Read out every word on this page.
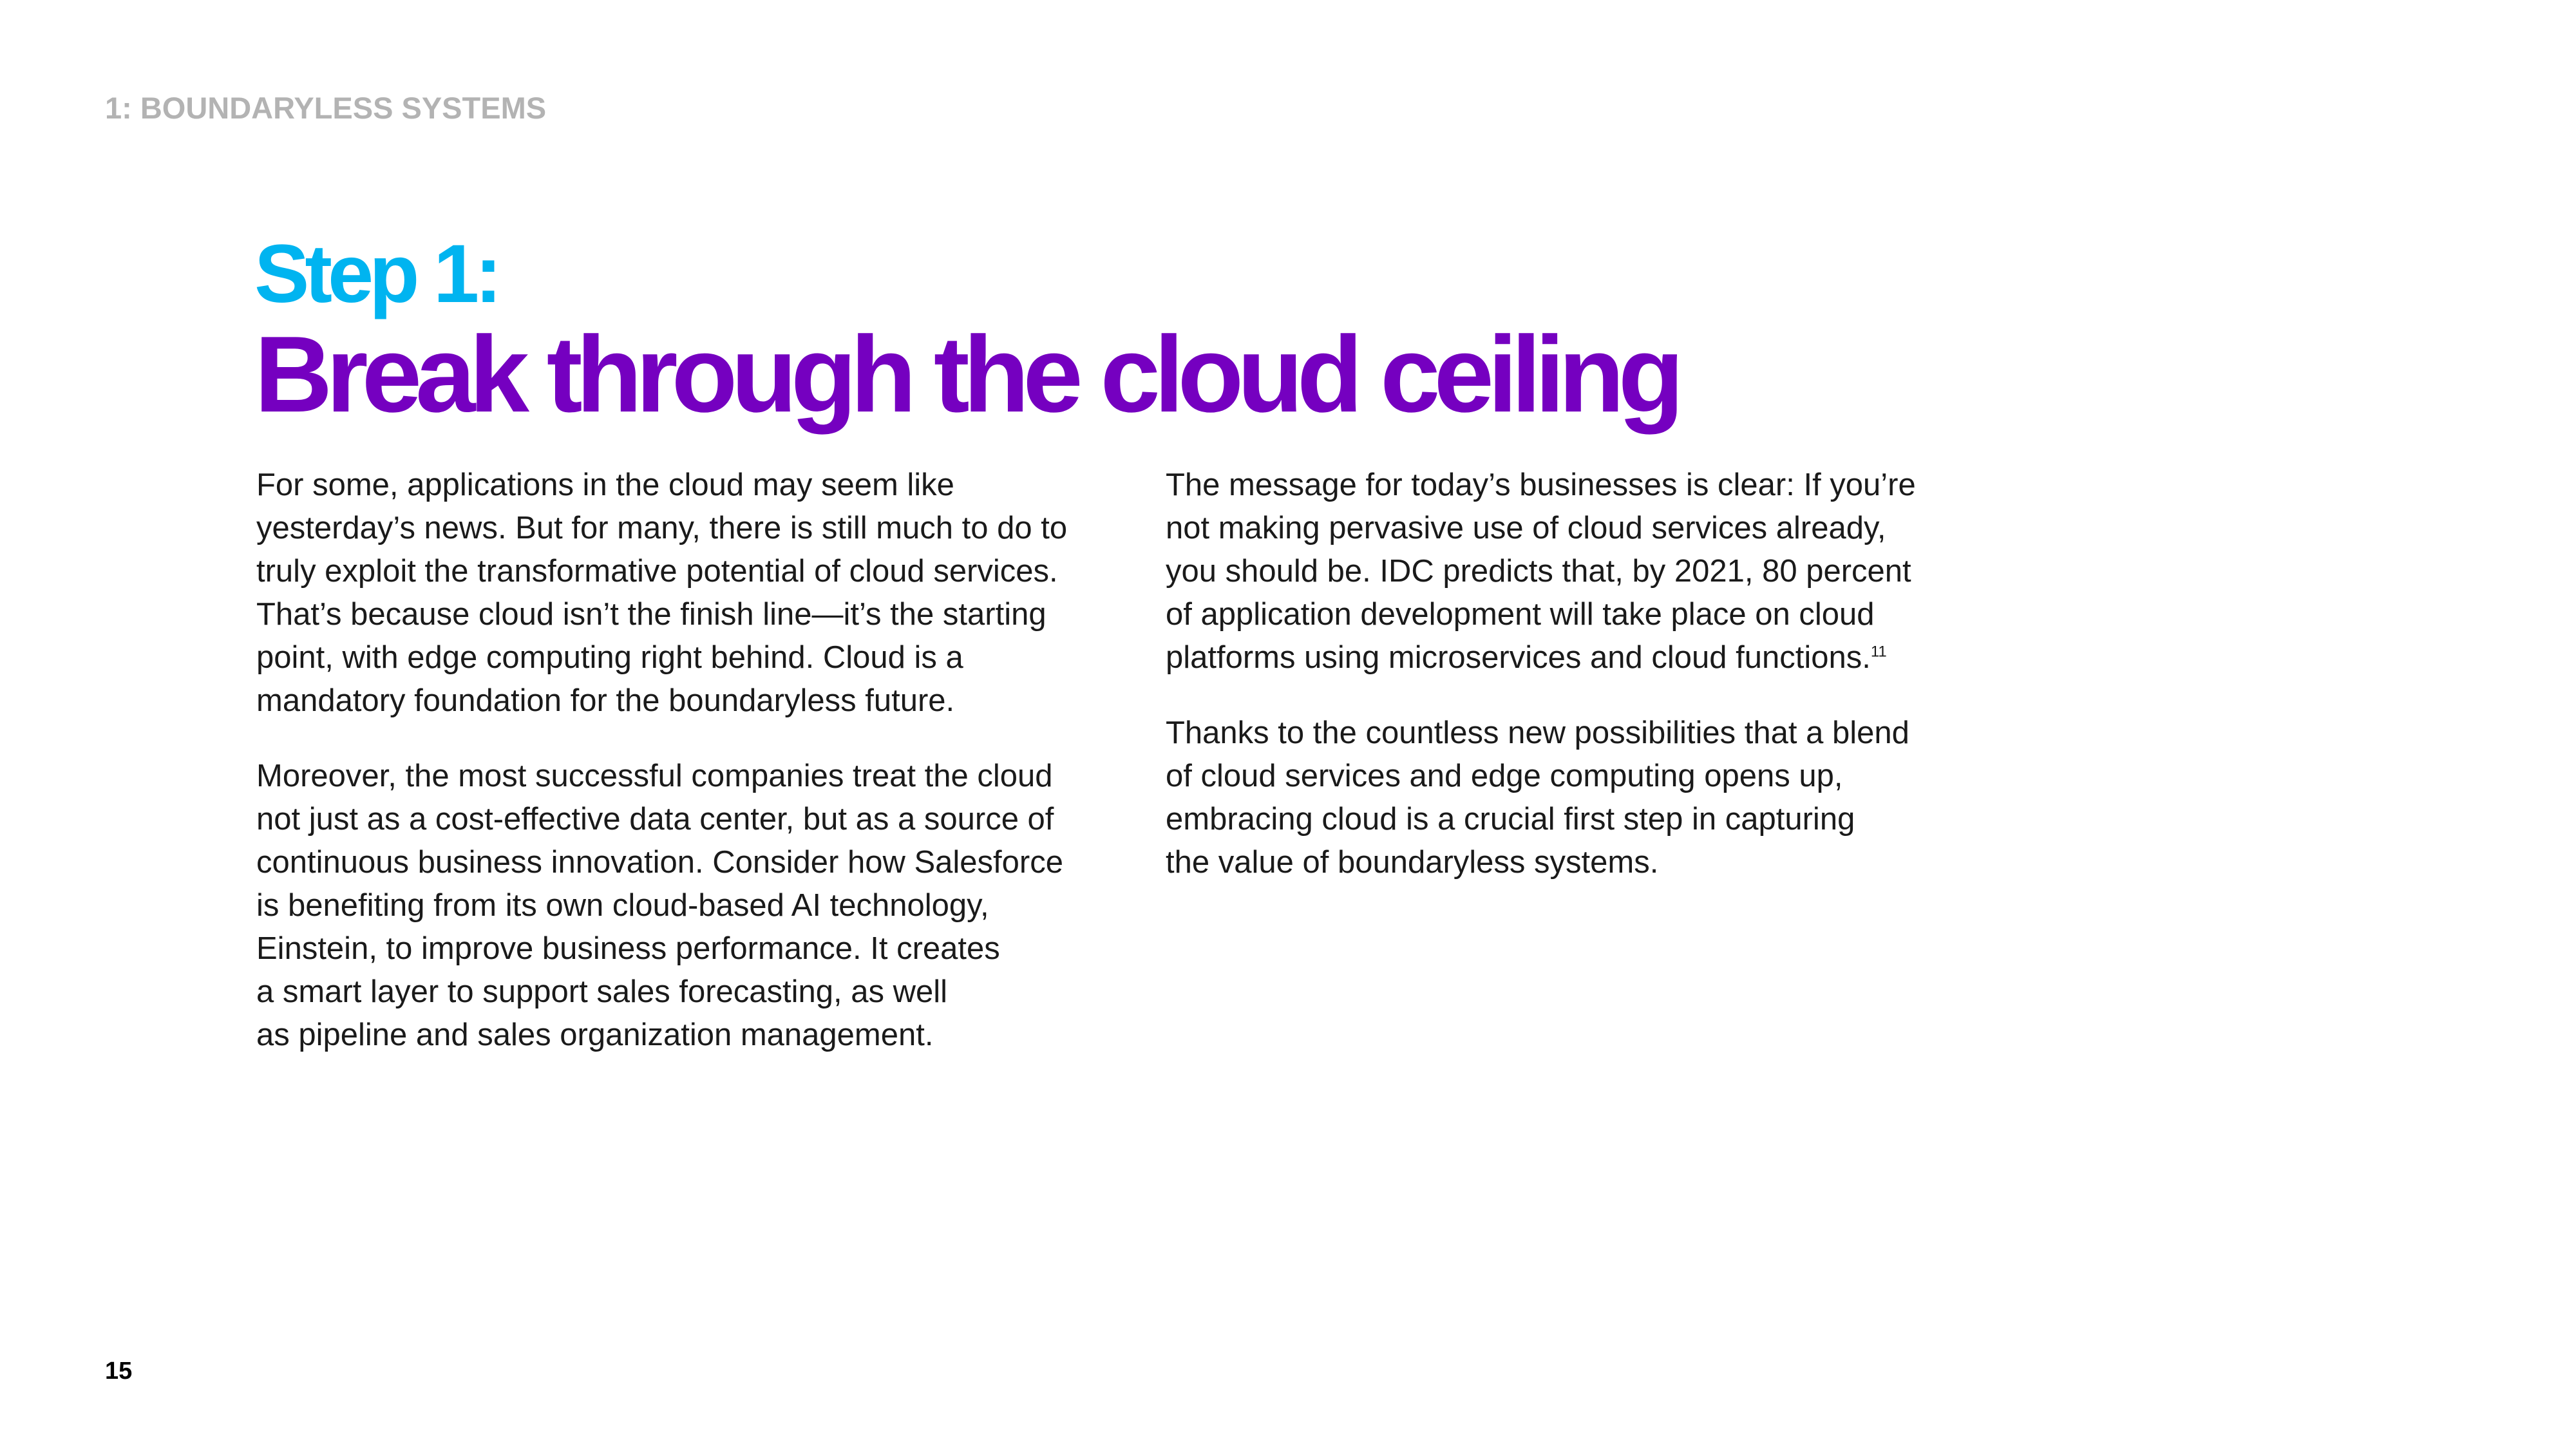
1: BOUNDARYLESS SYSTEMS
Step 1:
Break through the cloud ceiling

For some, applications in the cloud may seem like
yesterday’s news. But for many, there is still much to do to
truly exploit the transformative potential of cloud services.
That’s because cloud isn’t the finish line—it’s the starting
point, with edge computing right behind. Cloud is a
mandatory foundation for the boundaryless future.

Moreover, the most successful companies treat the cloud
not just as a cost-effective data center, but as a source of
continuous business innovation. Consider how Salesforce
is benefiting from its own cloud-based AI technology,
Einstein, to improve business performance. It creates
a smart layer to support sales forecasting, as well
as pipeline and sales organization management.

The message for today’s businesses is clear: If you’re
not making pervasive use of cloud services already,
you should be. IDC predicts that, by 2021, 80 percent
of application development will take place on cloud
platforms using microservices and cloud functions.$^{11}$

Thanks to the countless new possibilities that a blend
of cloud services and edge computing opens up,
embracing cloud is a crucial first step in capturing
the value of boundaryless systems.

15
